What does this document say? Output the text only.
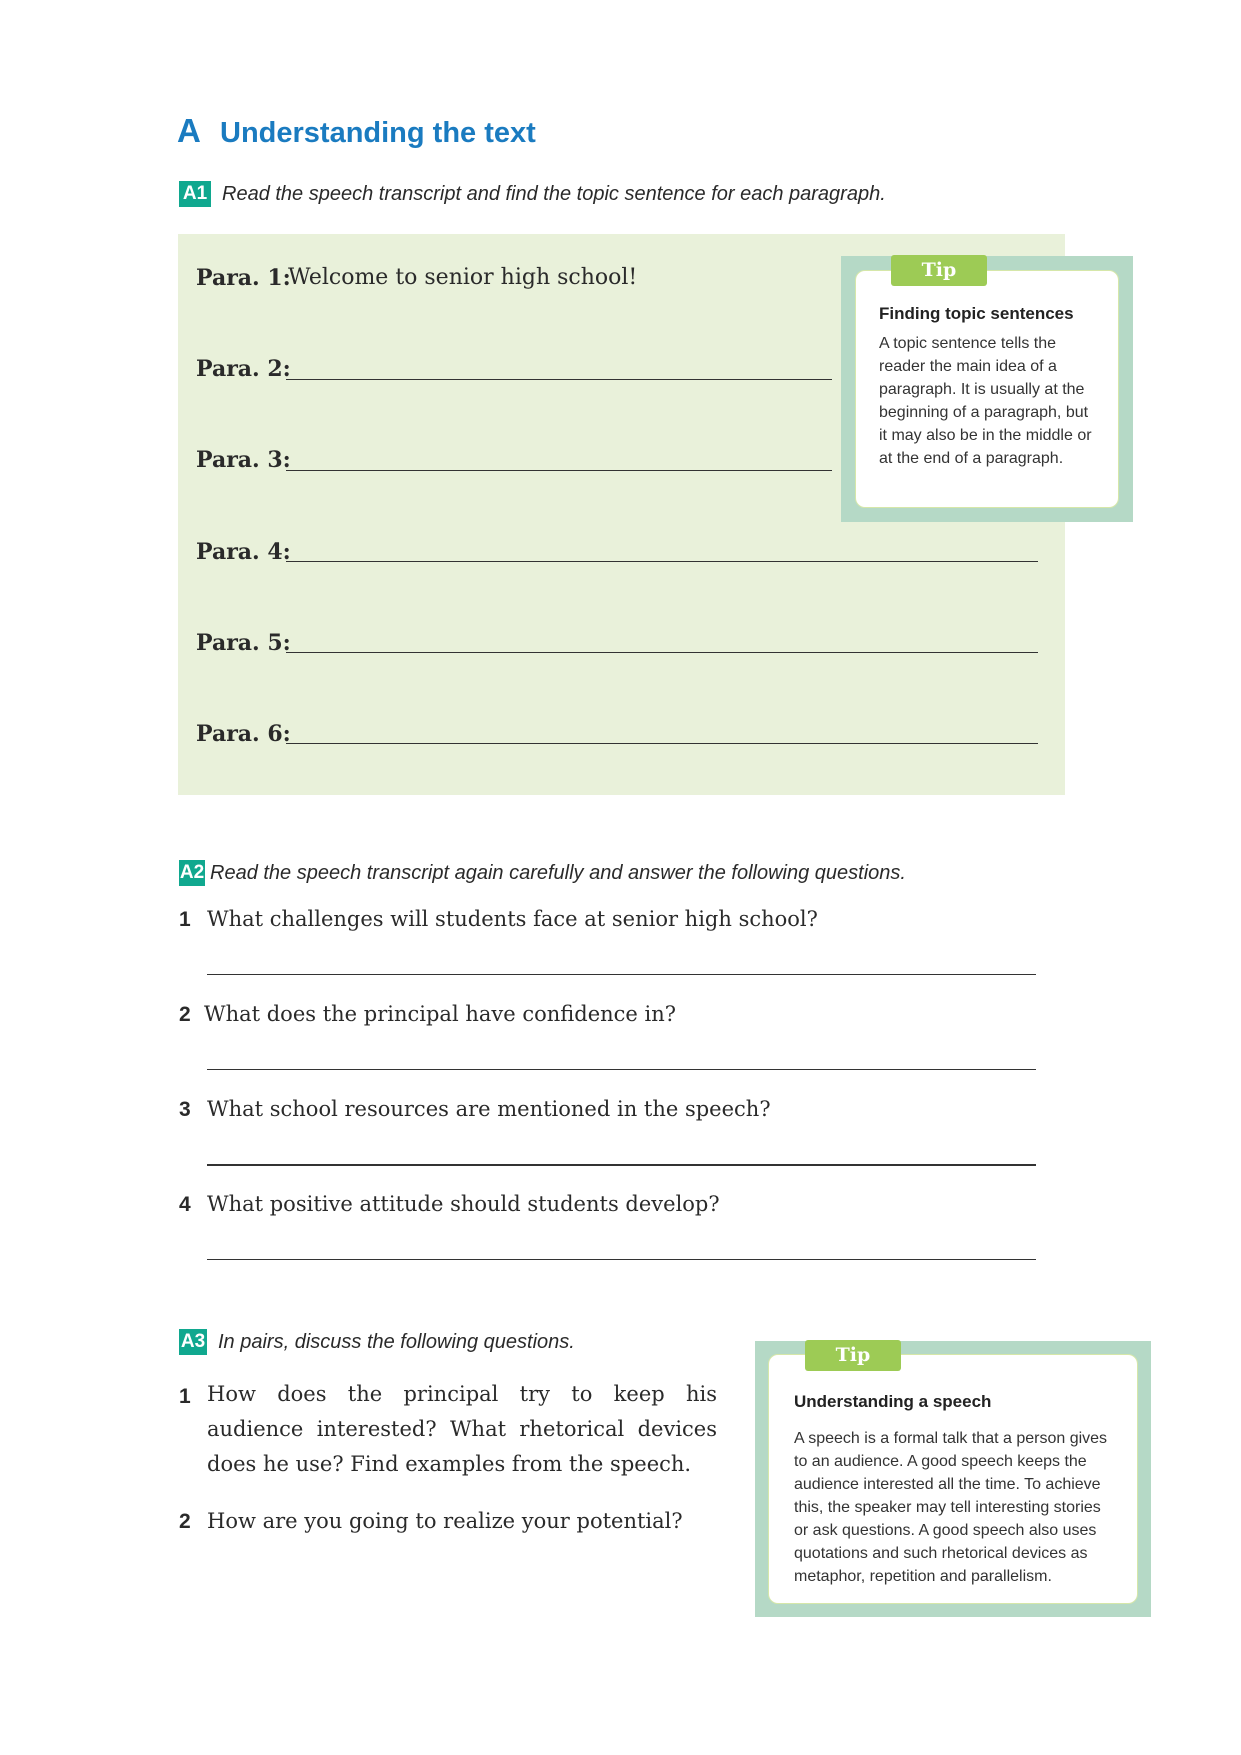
A Understanding the text
A1 Read the speech transcript and find the topic sentence for each paragraph.
Para. 1:
Welcome to senior high school!
Para. 2:
Para. 3:
Para. 4:
Para. 5:
Para. 6:
Tip
Finding topic sentences
A topic sentence tells the reader the main idea of a paragraph. It is usually at the beginning of a paragraph, but it may also be in the middle or at the end of a paragraph.
A2 Read the speech transcript again carefully and answer the following questions.
1 What challenges will students face at senior high school?
2 What does the principal have confidence in?
3 What school resources are mentioned in the speech?
4 What positive attitude should students develop?
A3 In pairs, discuss the following questions.
1 How does the principal try to keep his audience interested? What rhetorical devices does he use? Find examples from the speech.
2 How are you going to realize your potential?
Tip
Understanding a speech
A speech is a formal talk that a person gives to an audience. A good speech keeps the audience interested all the time. To achieve this, the speaker may tell interesting stories or ask questions. A good speech also uses quotations and such rhetorical devices as metaphor, repetition and parallelism.
